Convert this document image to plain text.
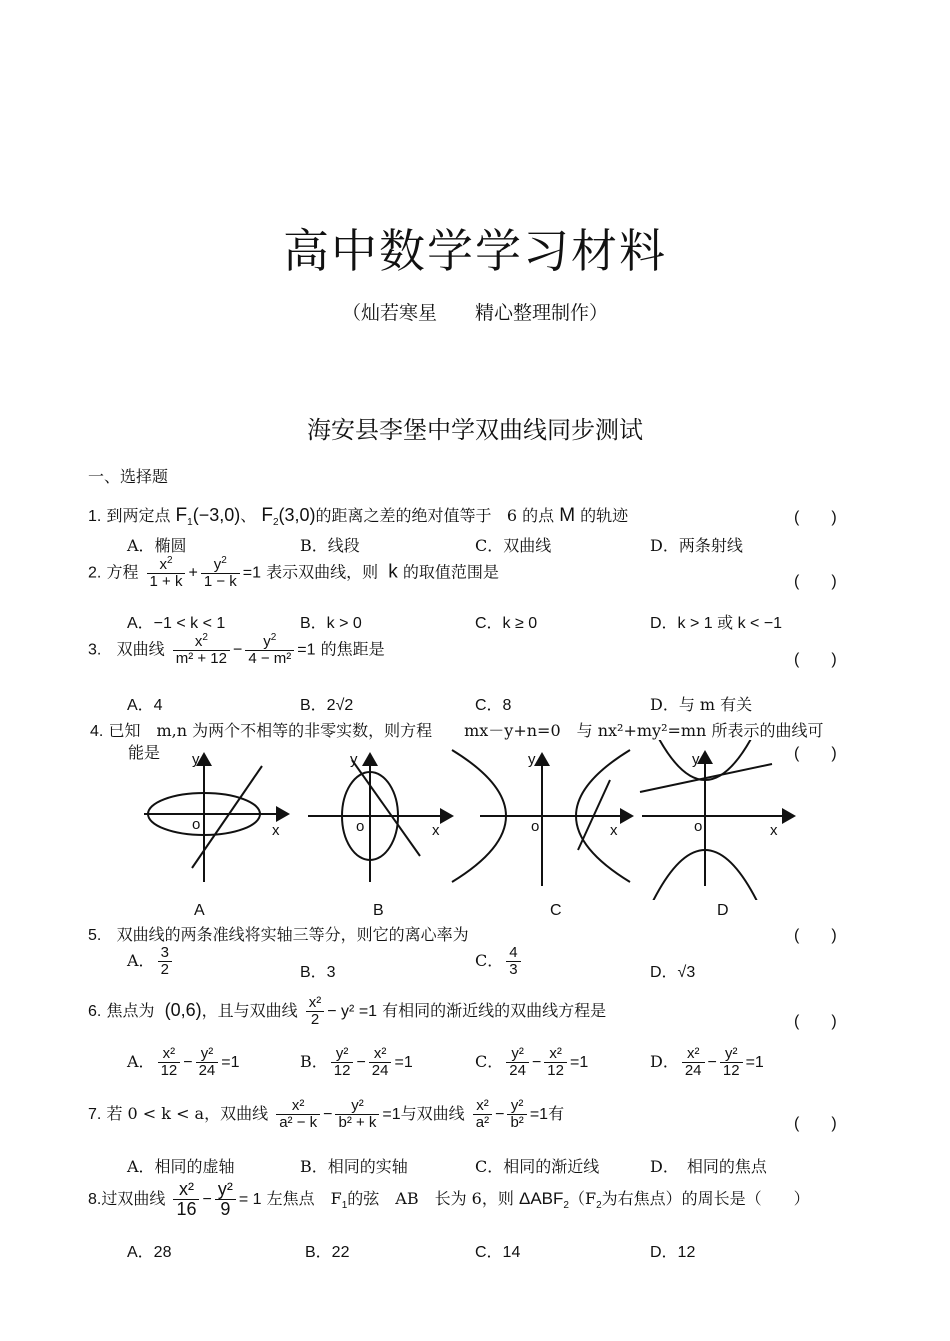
高中数学学习材料
（灿若寒星　　精心整理制作）
海安县李堡中学双曲线同步测试
一、选择题
1. 到两定点 $F_1(-3,0)$、 $F_2(3,0)$的距离之差的绝对值等于 6 的点 M 的轨迹	(　　)
A．椭圆	B．线段	C．双曲线	D．两条射线
2. 方程 $\frac{x^2}{1 + k} + \frac{y^2}{1 - k} =1$ 表示双曲线，则 k 的取值范围是
(　　)
A．−1 < k < 1	B．k > 0	C．k ≥ 0	D．k > 1 或 k < −1
3. 双曲线 $\frac{x^2}{\text{m² + 12}} - \frac{y^2}{\text{4 − m²}} =1$ 的焦距是
(　　)
A．4	B．2√2	C．8	D．与 m 有关
4. 已知　m,n 为两个不相等的非零实数，则方程　　mx－y+n=0　与 nx²+my²=mn 所表示的曲线可
能是	(　　)
y
o	x
y
o	x
y
o	x
y
o	x
A	B	C	D
5. 双曲线的两条准线将实轴三等分，则它的离心率为	(　　)
A． $\frac{3}{2}$	B．3
C． $\frac{4}{3}$	D．√3
6. 焦点为 (0,6)，且与双曲线 $\frac{\text{x²}}{2} - y^2 =1$ 有相同的渐近线的双曲线方程是
(　　)
A． $\frac{\text{x²}}{12} - \frac{\text{y²}}{24} =1$	B． $\frac{\text{y²}}{12} - \frac{\text{x²}}{24} =1$	C． $\frac{\text{y²}}{24} - \frac{\text{x²}}{12} =1$	D． $\frac{\text{x²}}{24} - \frac{\text{y²}}{12} =1$
7. 若 0 < k < a，双曲线 $\frac{\text{x²}}{\text{a² − k}} - \frac{\text{y²}}{\text{b² + k}} =1$与双曲线 $\frac{\text{x²}}{\text{a²}} - \frac{\text{y²}}{\text{b²}} =1$有
(　　)
A．相同的虚轴	B．相同的实轴	C．相同的渐近线	D．　相同的焦点
8.过双曲线 $\frac{\text{x²}}{16} - \frac{\text{y²}}{9} = 1$ 左焦点　$F_1$的弦　AB　长为 6，则 $\Delta ABF_2(F_2$为右焦点）的周长是（　　）
A．28	B．22	C．14	D．12
